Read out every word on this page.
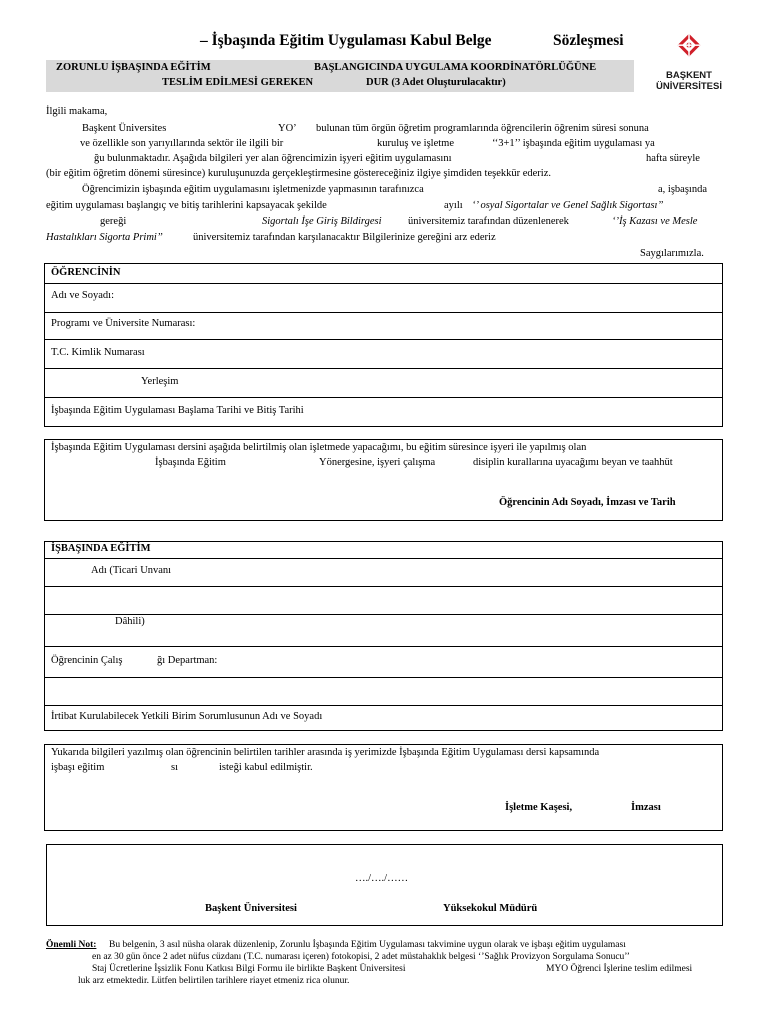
– İşbaşında Eğitim Uygulaması Kabul Belge	Sözleşmesi
BAŞKENT
ÜNİVERSİTESİ
ZORUNLU İŞBAŞINDA EĞİTİM	BAŞLANGICINDA UYGULAMA KOORDİNATÖRLÜĞÜNE
TESLİM EDİLMESİ GEREKEN	DUR (3 Adet Oluşturulacaktır)
İlgili makama,
Başkent Üniversites	YO’ bulunan tüm örgün öğretim programlarında öğrencilerin öğrenim süresi sonuna
ve özellikle son yarıyıllarında sektör ile ilgili bir	kuruluş ve işletme	‘‘3+1’’ işbaşında eğitim uygulaması ya
ğu bulunmaktadır. Aşağıda bilgileri yer alan öğrencimizin işyeri eğitim uygulamasını	hafta süreyle
(bir eğitim öğretim dönemi süresince) kuruluşunuzda gerçekleştirmesine göstereceğiniz ilgiye şimdiden teşekkür ederiz.
Öğrencimizin işbaşında eğitim uygulamasını işletmenizde yapmasının tarafınızca	a, işbaşında
eğitim uygulaması başlangıç ve bitiş tarihlerini kapsayacak şekilde	ayılı ‘’ osyal Sigortalar ve Genel Sağlık Sigortası’’
gereği	Sigortalı İşe Giriş Bildirgesi	üniversitemiz tarafından düzenlenerek	‘’İş Kazası ve Mesle
Hastalıkları Sigorta Primi’’	üniversitemiz tarafından karşılanacaktır Bilgilerinize gereğini arz ederiz
Saygılarımızla.
ÖĞRENCİNİN
Adı ve Soyadı:
Programı ve Üniversite Numarası:
T.C. Kimlik Numarası
Yerleşim
İşbaşında Eğitim Uygulaması Başlama Tarihi ve Bitiş Tarihi
İşbaşında Eğitim Uygulaması dersini aşağıda belirtilmiş olan işletmede yapacağımı, bu eğitim süresince işyeri ile yapılmış olan
İşbaşında Eğitim	Yönergesine, işyeri çalışma	disiplin kurallarına uyacağımı beyan ve taahhüt
Öğrencinin Adı Soyadı, İmzası ve Tarih
İŞBAŞINDA EĞİTİM
Adı (Ticari Unvanı
Dâhili)
Öğrencinin Çalış	ğı Departman:
İrtibat Kurulabilecek Yetkili Birim Sorumlusunun Adı ve Soyadı
Yukarıda bilgileri yazılmış olan öğrencinin belirtilen tarihler arasında iş yerimizde İşbaşında Eğitim Uygulaması dersi kapsamında
işbaşı eğitim	sı	isteği kabul edilmiştir.
İşletme Kaşesi,	İmzası
…./…./……
Başkent Üniversitesi	Yüksekokul Müdürü
Önemli Not: Bu belgenin, 3 asıl nüsha olarak düzenlenip, Zorunlu İşbaşında Eğitim Uygulaması takvimine uygun olarak ve işbaşı eğitim uygulaması
en az 30 gün önce 2 adet nüfus cüzdanı (T.C. numarası içeren) fotokopisi, 2 adet müstahaklık belgesi ‘’Sağlık Provizyon Sorgulama Sonucu’’
Staj Ücretlerine İşsizlik Fonu Katkısı Bilgi Formu ile birlikte Başkent Üniversitesi	MYO Öğrenci İşlerine teslim edilmesi
luk arz etmektedir. Lütfen belirtilen tarihlere riayet etmeniz rica olunur.
